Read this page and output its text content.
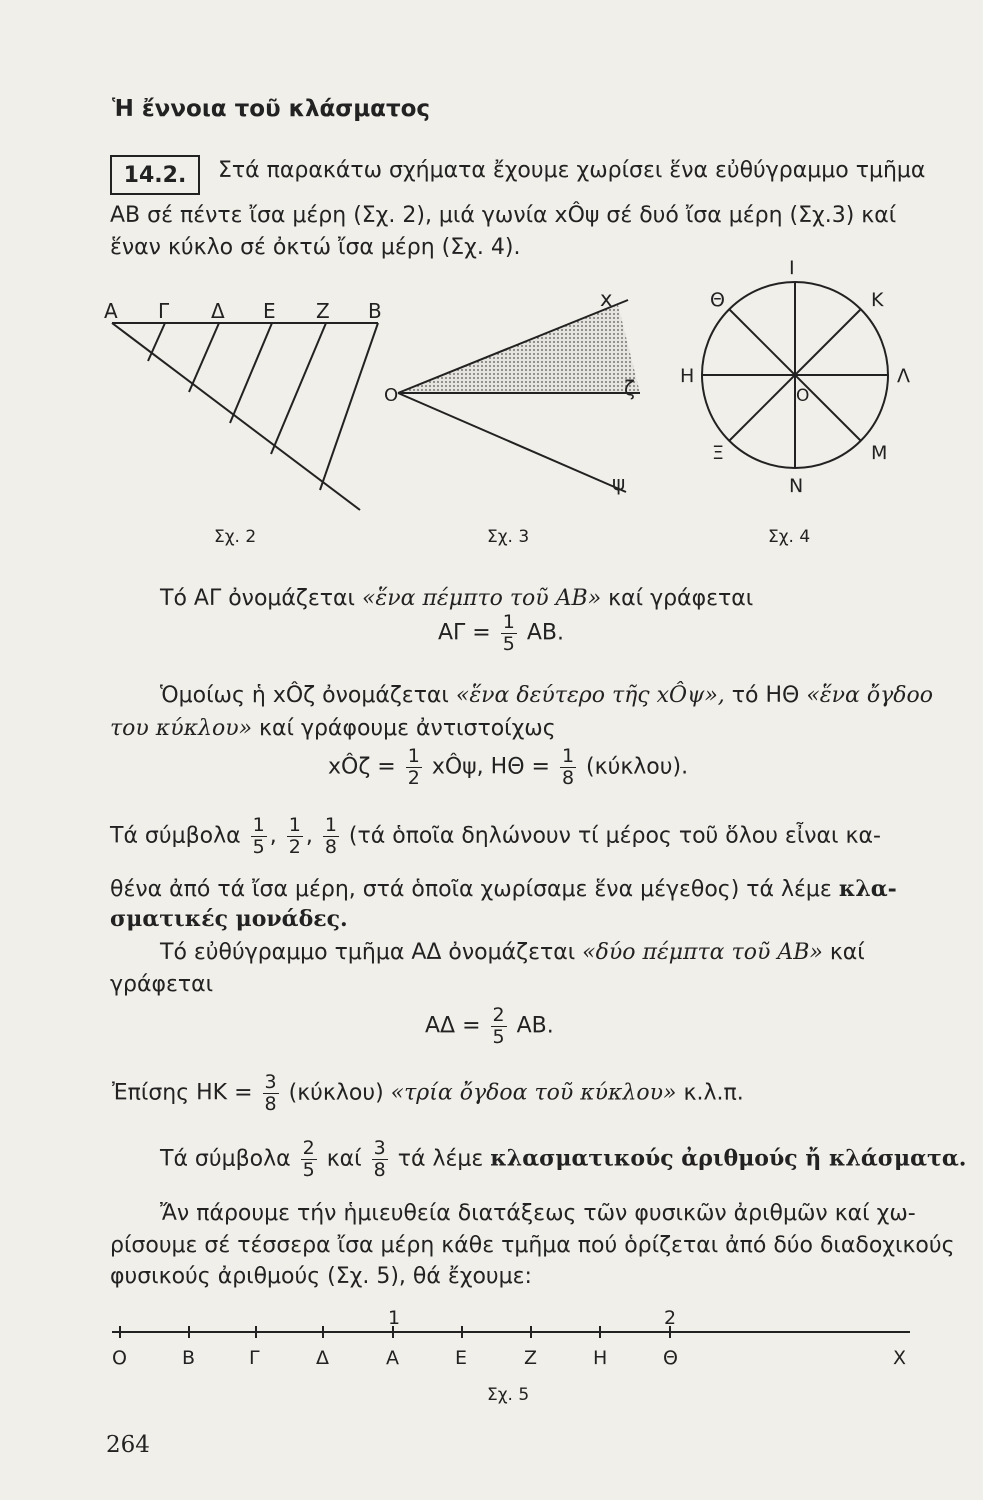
Ἡ ἔννοια τοῦ κλάσματος
14.2.	Στά παρακάτω σχήματα ἔχουμε χωρίσει ἕνα εὐθύγραμμο τμῆμα
ΑΒ σέ πέντε ἴσα μέρη (Σχ. 2), μιά γωνία xÔψ σέ δυό ἴσα μέρη (Σχ.3) καί
ἕναν κύκλο σέ ὀκτώ ἴσα μέρη (Σχ. 4).
Α Γ Δ Ε Ζ Β
Σχ. 2
x
Ο	ζ
ψ
Σχ. 3
Ι
Κ
Λ
Μ
Ν
Ξ
Η
Θ
Ο
Σχ. 4
Τό ΑΓ ὀνομάζεται «ἕνα πέμπτο τοῦ ΑΒ» καί γράφεται
$A\Gamma = \frac{1}{5} AB$.
Ὁμοίως ἡ xÔζ ὀνομάζεται «ἕνα δεύτερο τῆς xÔψ», τό ΗΘ «ἕνα ὄγδοο
του κύκλου» καί γράφουμε ἀντιστοίχως
xÔζ = $\frac{1}{2}$ xÔψ, $H\Theta = \frac{1}{8} (\kappa ύ\kappa\lambda o\upsilon)$.
Τά σύμβολα $\frac{1}{5}$ , $\frac{1}{2}$ , $\frac{1}{8} (\tau ά$ ὁποῖα δηλώνουν τί μέρος τοῦ ὅλου εἶναι κα-
θένα ἀπό τά ἴσα μέρη, στά ὁποῖα χωρίσαμε ἕνα μέγεθος) τά λέμε κλα-
σματικές μονάδες.
Τό εὐθύγραμμο τμῆμα ΑΔ ὀνομάζεται «δύο πέμπτα τοῦ ΑΒ» καί
γράφεται
$A\Delta = \frac{2}{5} AB$.
Ἐπίσης $HK = \frac{3}{8} (\kappa ύ\kappa\lambda o\upsilon)$ «τρία ὄγδοα τοῦ κύκλου» κ.λ.π.
Τά σύμβολα $\frac{2}{5}$ καί $\frac{3}{8}$ τά λέμε κλασματικούς ἀριθμούς ἤ κλάσματα.
Ἄν πάρουμε τήν ἡμιευθεία διατάξεως τῶν φυσικῶν ἀριθμῶν καί χω-
ρίσουμε σέ τέσσερα ἴσα μέρη κάθε τμῆμα πού ὁρίζεται ἀπό δύο διαδοχικούς
φυσικούς ἀριθμούς (Σχ. 5), θά ἔχουμε:
1	2
Ο	Β	Γ	Δ	Α	Ε	Ζ	Η	Θ	Χ
Σχ. 5
264
